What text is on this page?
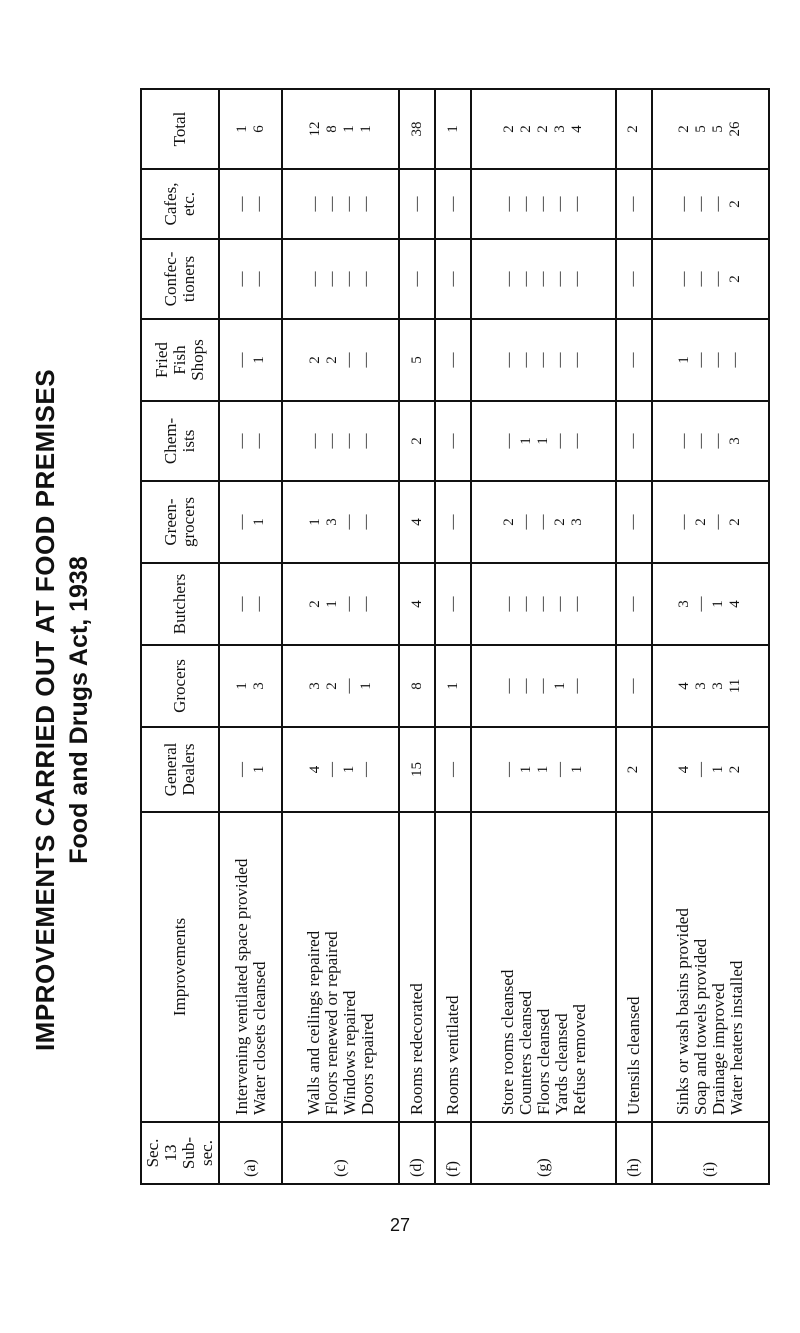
IMPROVEMENTS CARRIED OUT AT FOOD PREMISES Food and Drugs Act, 1938
Sec. 13 Sub-sec.	Improvements	General Dealers	Grocers	Butchers	Green-grocers	Chem-ists	Fried Fish Shops	Confec-tioners	Cafes, etc.	Total
(a)	Intervening ventilated space provided Water closets cleansed	— 1	1 3	— —	— 1	— —	— 1	— —	— —	1 6

(c)	Walls and ceilings repaired Floors renewed or repaired Windows repaired Doors repaired	4 — 1 —	3 2 — 1	2 1 — —	1 3 — —	— — — —	2 2 — —	— — — —	— — — —	12 8 1 1

(d)	Rooms redecorated	15	8	4	4	2	5	—	—	38

(f)	Rooms ventilated	—	1	—	—	—	—	—	—	1

(g)	Store rooms cleansed Counters cleansed Floors cleansed Yards cleansed Refuse removed	— 1 1 — 1	— — — 1 —	— — — — —	2 — — 2 3	— 1 1 — —	— — — — —	— — — — —	— — — — —	2 2 2 3 4

(h)	Utensils cleansed	2	—	—	—	—	—	—	—	2

(i)	Sinks or wash basins provided Soap and towels provided Drainage improved Water heaters installed	4 — 1 2	4 3 3 11	3 — 1 4	— 2 — 2	— — — 3	1 — — —	— — — 2	— — — 2	2 5 5 26
27
